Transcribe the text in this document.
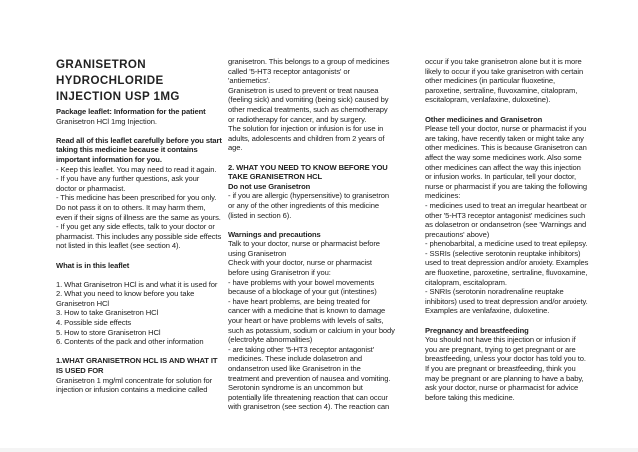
GRANISETRON
HYDROCHLORIDE
INJECTION USP 1MG
Package leaflet: Information for the patient
Granisetron HCl 1mg Injection.
Read all of this leaflet carefully before you start
taking this medicine because it contains
important information for you.
- Keep this leaflet. You may need to read it again.
- If you have any further questions, ask your
doctor or pharmacist.
- This medicine has been prescribed for you only.
Do not pass it on to others. It may harm them,
even if their signs of illness are the same as yours.
- If you get any side effects, talk to your doctor or
pharmacist. This includes any possible side effects
not listed in this leaflet (see section 4).
What is in this leaflet
1. What Granisetron HCl is and what it is used for
2. What you need to know before you take
Granisetron HCl
3. How to take Granisetron HCl
4. Possible side effects
5. How to store Granisetron HCl
6. Contents of the pack and other information
1.WHAT GRANISETRON HCL IS AND WHAT IT
IS USED FOR
Granisetron 1 mg/ml concentrate for solution for
injection or infusion contains a medicine called
granisetron. This belongs to a group of medicines
called '5-HT3 receptor antagonists' or
'antiemetics'.
Granisetron is used to prevent or treat nausea
(feeling sick) and vomiting (being sick) caused by
other medical treatments, such as chemotherapy
or radiotherapy for cancer, and by surgery.
The solution for injection or infusion is for use in
adults, adolescents and children from 2 years of
age.
2. WHAT YOU NEED TO KNOW BEFORE YOU
TAKE GRANISETRON HCL
Do not use Granisetron
- if you are allergic (hypersensitive) to granisetron
or any of the other ingredients of this medicine
(listed in section 6).
Warnings and precautions
Talk to your doctor, nurse or pharmacist before
using Granisetron
Check with your doctor, nurse or pharmacist
before using Granisetron if you:
- have problems with your bowel movements
because of a blockage of your gut (intestines)
- have heart problems, are being treated for
cancer with a medicine that is known to damage
your heart or have problems with levels of salts,
such as potassium, sodium or calcium in your body
(electrolyte abnormalities)
- are taking other '5-HT3 receptor antagonist'
medicines. These include dolasetron and
ondansetron used like Granisetron in the
treatment and prevention of nausea and vomiting.
Serotonin syndrome is an uncommon but
potentially life threatening reaction that can occur
with granisetron (see section 4). The reaction can
occur if you take granisetron alone but it is more
likely to occur if you take granisetron with certain
other medicines (in particular fluoxetine,
paroxetine, sertraline, fluvoxamine, citalopram,
escitalopram, venlafaxine, duloxetine).
Other medicines and Granisetron
Please tell your doctor, nurse or pharmacist if you
are taking, have recently taken or might take any
other medicines. This is because Granisetron can
affect the way some medicines work. Also some
other medicines can affect the way this injection
or infusion works. In particular, tell your doctor,
nurse or pharmacist if you are taking the following
medicines:
- medicines used to treat an irregular heartbeat or
other '5-HT3 receptor antagonist' medicines such
as dolasetron or ondansetron (see 'Warnings and
precautions' above)
- phenobarbital, a medicine used to treat epilepsy.
- SSRIs (selective serotonin reuptake inhibitors)
used to treat depression and/or anxiety. Examples
are fluoxetine, paroxetine, sertraline, fluvoxamine,
citalopram, escitalopram.
- SNRIs (serotonin noradrenaline reuptake
inhibitors) used to treat depression and/or anxiety.
Examples are venlafaxine, duloxetine.
Pregnancy and breastfeeding
You should not have this injection or infusion if
you are pregnant, trying to get pregnant or are
breastfeeding, unless your doctor has told you to.
If you are pregnant or breastfeeding, think you
may be pregnant or are planning to have a baby,
ask your doctor, nurse or pharmacist for advice
before taking this medicine.
